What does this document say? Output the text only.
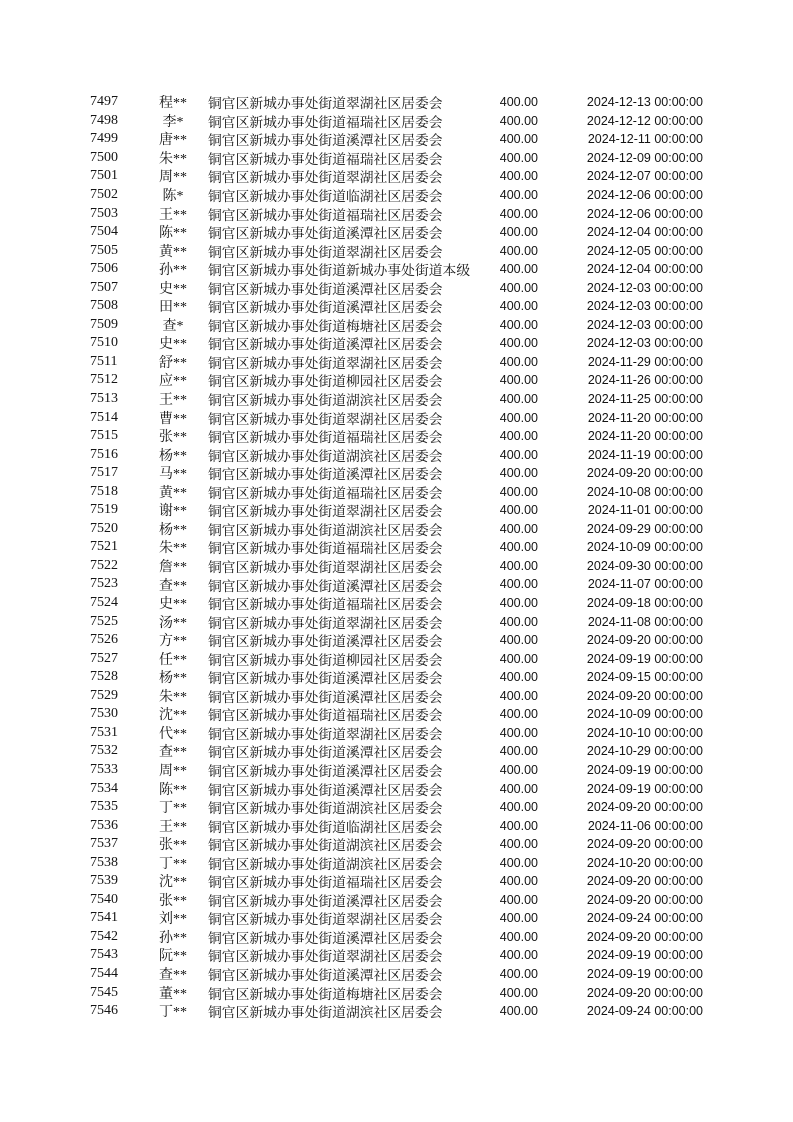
7497	程**	铜官区新城办事处街道翠湖社区居委会	400.00	2024-12-13 00:00:00
7498	李*	铜官区新城办事处街道福瑞社区居委会	400.00	2024-12-12 00:00:00
7499	唐**	铜官区新城办事处街道溪潭社区居委会	400.00	2024-12-11 00:00:00
7500	朱**	铜官区新城办事处街道福瑞社区居委会	400.00	2024-12-09 00:00:00
7501	周**	铜官区新城办事处街道翠湖社区居委会	400.00	2024-12-07 00:00:00
7502	陈*	铜官区新城办事处街道临湖社区居委会	400.00	2024-12-06 00:00:00
7503	王**	铜官区新城办事处街道福瑞社区居委会	400.00	2024-12-06 00:00:00
7504	陈**	铜官区新城办事处街道溪潭社区居委会	400.00	2024-12-04 00:00:00
7505	黄**	铜官区新城办事处街道翠湖社区居委会	400.00	2024-12-05 00:00:00
7506	孙**	铜官区新城办事处街道新城办事处街道本级	400.00	2024-12-04 00:00:00
7507	史**	铜官区新城办事处街道溪潭社区居委会	400.00	2024-12-03 00:00:00
7508	田**	铜官区新城办事处街道溪潭社区居委会	400.00	2024-12-03 00:00:00
7509	查*	铜官区新城办事处街道梅塘社区居委会	400.00	2024-12-03 00:00:00
7510	史**	铜官区新城办事处街道溪潭社区居委会	400.00	2024-12-03 00:00:00
7511	舒**	铜官区新城办事处街道翠湖社区居委会	400.00	2024-11-29 00:00:00
7512	应**	铜官区新城办事处街道柳园社区居委会	400.00	2024-11-26 00:00:00
7513	王**	铜官区新城办事处街道湖滨社区居委会	400.00	2024-11-25 00:00:00
7514	曹**	铜官区新城办事处街道翠湖社区居委会	400.00	2024-11-20 00:00:00
7515	张**	铜官区新城办事处街道福瑞社区居委会	400.00	2024-11-20 00:00:00
7516	杨**	铜官区新城办事处街道湖滨社区居委会	400.00	2024-11-19 00:00:00
7517	马**	铜官区新城办事处街道溪潭社区居委会	400.00	2024-09-20 00:00:00
7518	黄**	铜官区新城办事处街道福瑞社区居委会	400.00	2024-10-08 00:00:00
7519	谢**	铜官区新城办事处街道翠湖社区居委会	400.00	2024-11-01 00:00:00
7520	杨**	铜官区新城办事处街道湖滨社区居委会	400.00	2024-09-29 00:00:00
7521	朱**	铜官区新城办事处街道福瑞社区居委会	400.00	2024-10-09 00:00:00
7522	詹**	铜官区新城办事处街道翠湖社区居委会	400.00	2024-09-30 00:00:00
7523	查**	铜官区新城办事处街道溪潭社区居委会	400.00	2024-11-07 00:00:00
7524	史**	铜官区新城办事处街道福瑞社区居委会	400.00	2024-09-18 00:00:00
7525	汤**	铜官区新城办事处街道翠湖社区居委会	400.00	2024-11-08 00:00:00
7526	方**	铜官区新城办事处街道溪潭社区居委会	400.00	2024-09-20 00:00:00
7527	任**	铜官区新城办事处街道柳园社区居委会	400.00	2024-09-19 00:00:00
7528	杨**	铜官区新城办事处街道溪潭社区居委会	400.00	2024-09-15 00:00:00
7529	朱**	铜官区新城办事处街道溪潭社区居委会	400.00	2024-09-20 00:00:00
7530	沈**	铜官区新城办事处街道福瑞社区居委会	400.00	2024-10-09 00:00:00
7531	代**	铜官区新城办事处街道翠湖社区居委会	400.00	2024-10-10 00:00:00
7532	查**	铜官区新城办事处街道溪潭社区居委会	400.00	2024-10-29 00:00:00
7533	周**	铜官区新城办事处街道溪潭社区居委会	400.00	2024-09-19 00:00:00
7534	陈**	铜官区新城办事处街道溪潭社区居委会	400.00	2024-09-19 00:00:00
7535	丁**	铜官区新城办事处街道湖滨社区居委会	400.00	2024-09-20 00:00:00
7536	王**	铜官区新城办事处街道临湖社区居委会	400.00	2024-11-06 00:00:00
7537	张**	铜官区新城办事处街道湖滨社区居委会	400.00	2024-09-20 00:00:00
7538	丁**	铜官区新城办事处街道湖滨社区居委会	400.00	2024-10-20 00:00:00
7539	沈**	铜官区新城办事处街道福瑞社区居委会	400.00	2024-09-20 00:00:00
7540	张**	铜官区新城办事处街道溪潭社区居委会	400.00	2024-09-20 00:00:00
7541	刘**	铜官区新城办事处街道翠湖社区居委会	400.00	2024-09-24 00:00:00
7542	孙**	铜官区新城办事处街道溪潭社区居委会	400.00	2024-09-20 00:00:00
7543	阮**	铜官区新城办事处街道翠湖社区居委会	400.00	2024-09-19 00:00:00
7544	查**	铜官区新城办事处街道溪潭社区居委会	400.00	2024-09-19 00:00:00
7545	董**	铜官区新城办事处街道梅塘社区居委会	400.00	2024-09-20 00:00:00
7546	丁**	铜官区新城办事处街道湖滨社区居委会	400.00	2024-09-24 00:00:00
